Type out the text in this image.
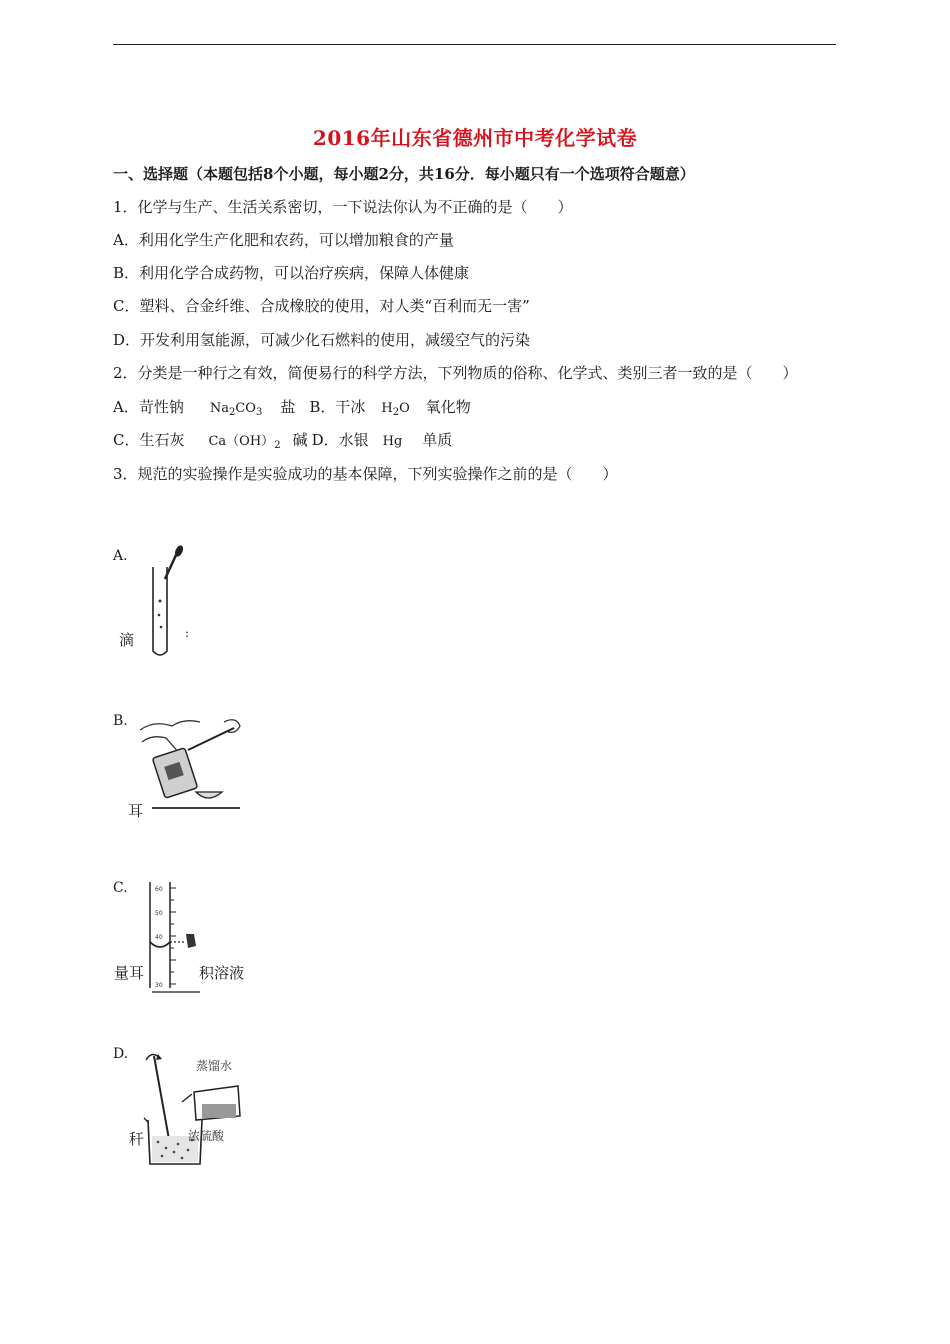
2016年山东省德州市中考化学试卷
一、选择题（本题包括8个小题，每小题2分，共16分．每小题只有一个选项符合题意）
1．化学与生产、生活关系密切，一下说法你认为不正确的是（　　）
A．利用化学生产化肥和农药，可以增加粮食的产量
B．利用化学合成药物，可以治疗疾病，保障人体健康
C．塑料、合金纤维、合成橡胶的使用，对人类“百利而无一害”
D．开发利用氢能源，可减少化石燃料的使用，减缓空气的污染
2．分类是一种行之有效，简便易行的科学方法，下列物质的俗称、化学式、类别三者一致的是（　　）
A．苛性钠 $Na_2CO_3$ 盐 B．干冰 $H_2O$ 氧化物
C．生石灰 $Ca(OH)_2$ 碱 D．水银 Hg 单质
3．规范的实验操作是实验成功的基本保障，下列实验操作之前的是（　　）
A.
滴	:
B.
耳
C.	60
50
40
30
量耳	积溶液
D.
蒸馏水
浓硫酸
秆
